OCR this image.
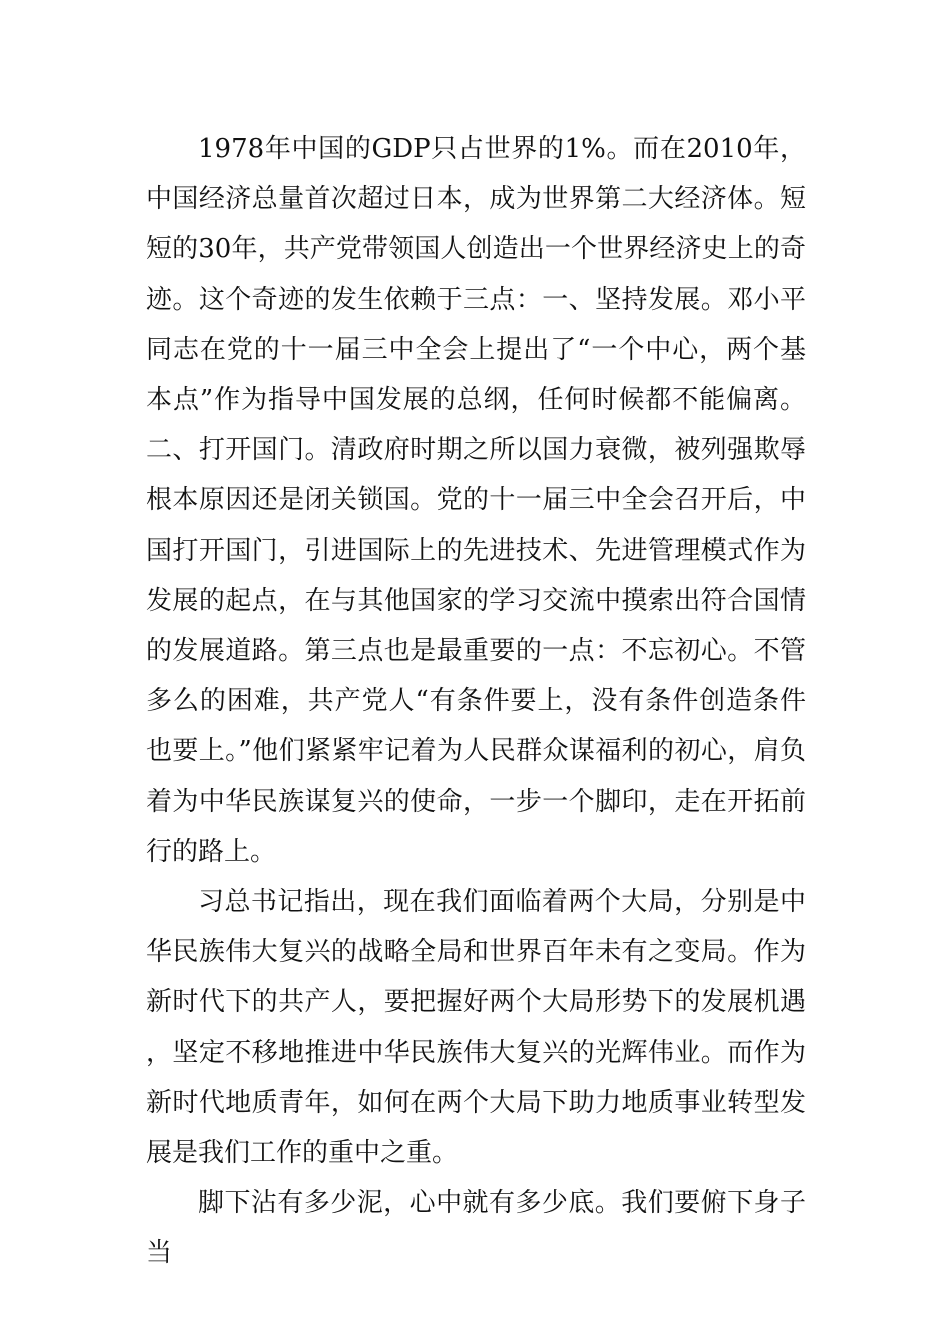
1978年中国的GDP只占世界的1%。而在2010年，中国经济总量首次超过日本，成为世界第二大经济体。短短的30年，共产党带领国人创造出一个世界经济史上的奇迹。这个奇迹的发生依赖于三点：一、坚持发展。邓小平同志在党的十一届三中全会上提出了“一个中心，两个基本点”作为指导中国发展的总纲，任何时候都不能偏离。二、打开国门。清政府时期之所以国力衰微，被列强欺辱根本原因还是闭关锁国。党的十一届三中全会召开后，中国打开国门，引进国际上的先进技术、先进管理模式作为发展的起点，在与其他国家的学习交流中摸索出符合国情的发展道路。第三点也是最重要的一点：不忘初心。不管多么的困难，共产党人“有条件要上，没有条件创造条件也要上。”他们紧紧牢记着为人民群众谋福利的初心，肩负着为中华民族谋复兴的使命，一步一个脚印，走在开拓前行的路上。

习总书记指出，现在我们面临着两个大局，分别是中华民族伟大复兴的战略全局和世界百年未有之变局。作为新时代下的共产人，要把握好两个大局形势下的发展机遇，坚定不移地推进中华民族伟大复兴的光辉伟业。而作为新时代地质青年，如何在两个大局下助力地质事业转型发展是我们工作的重中之重。

脚下沾有多少泥，心中就有多少底。我们要俯下身子当
